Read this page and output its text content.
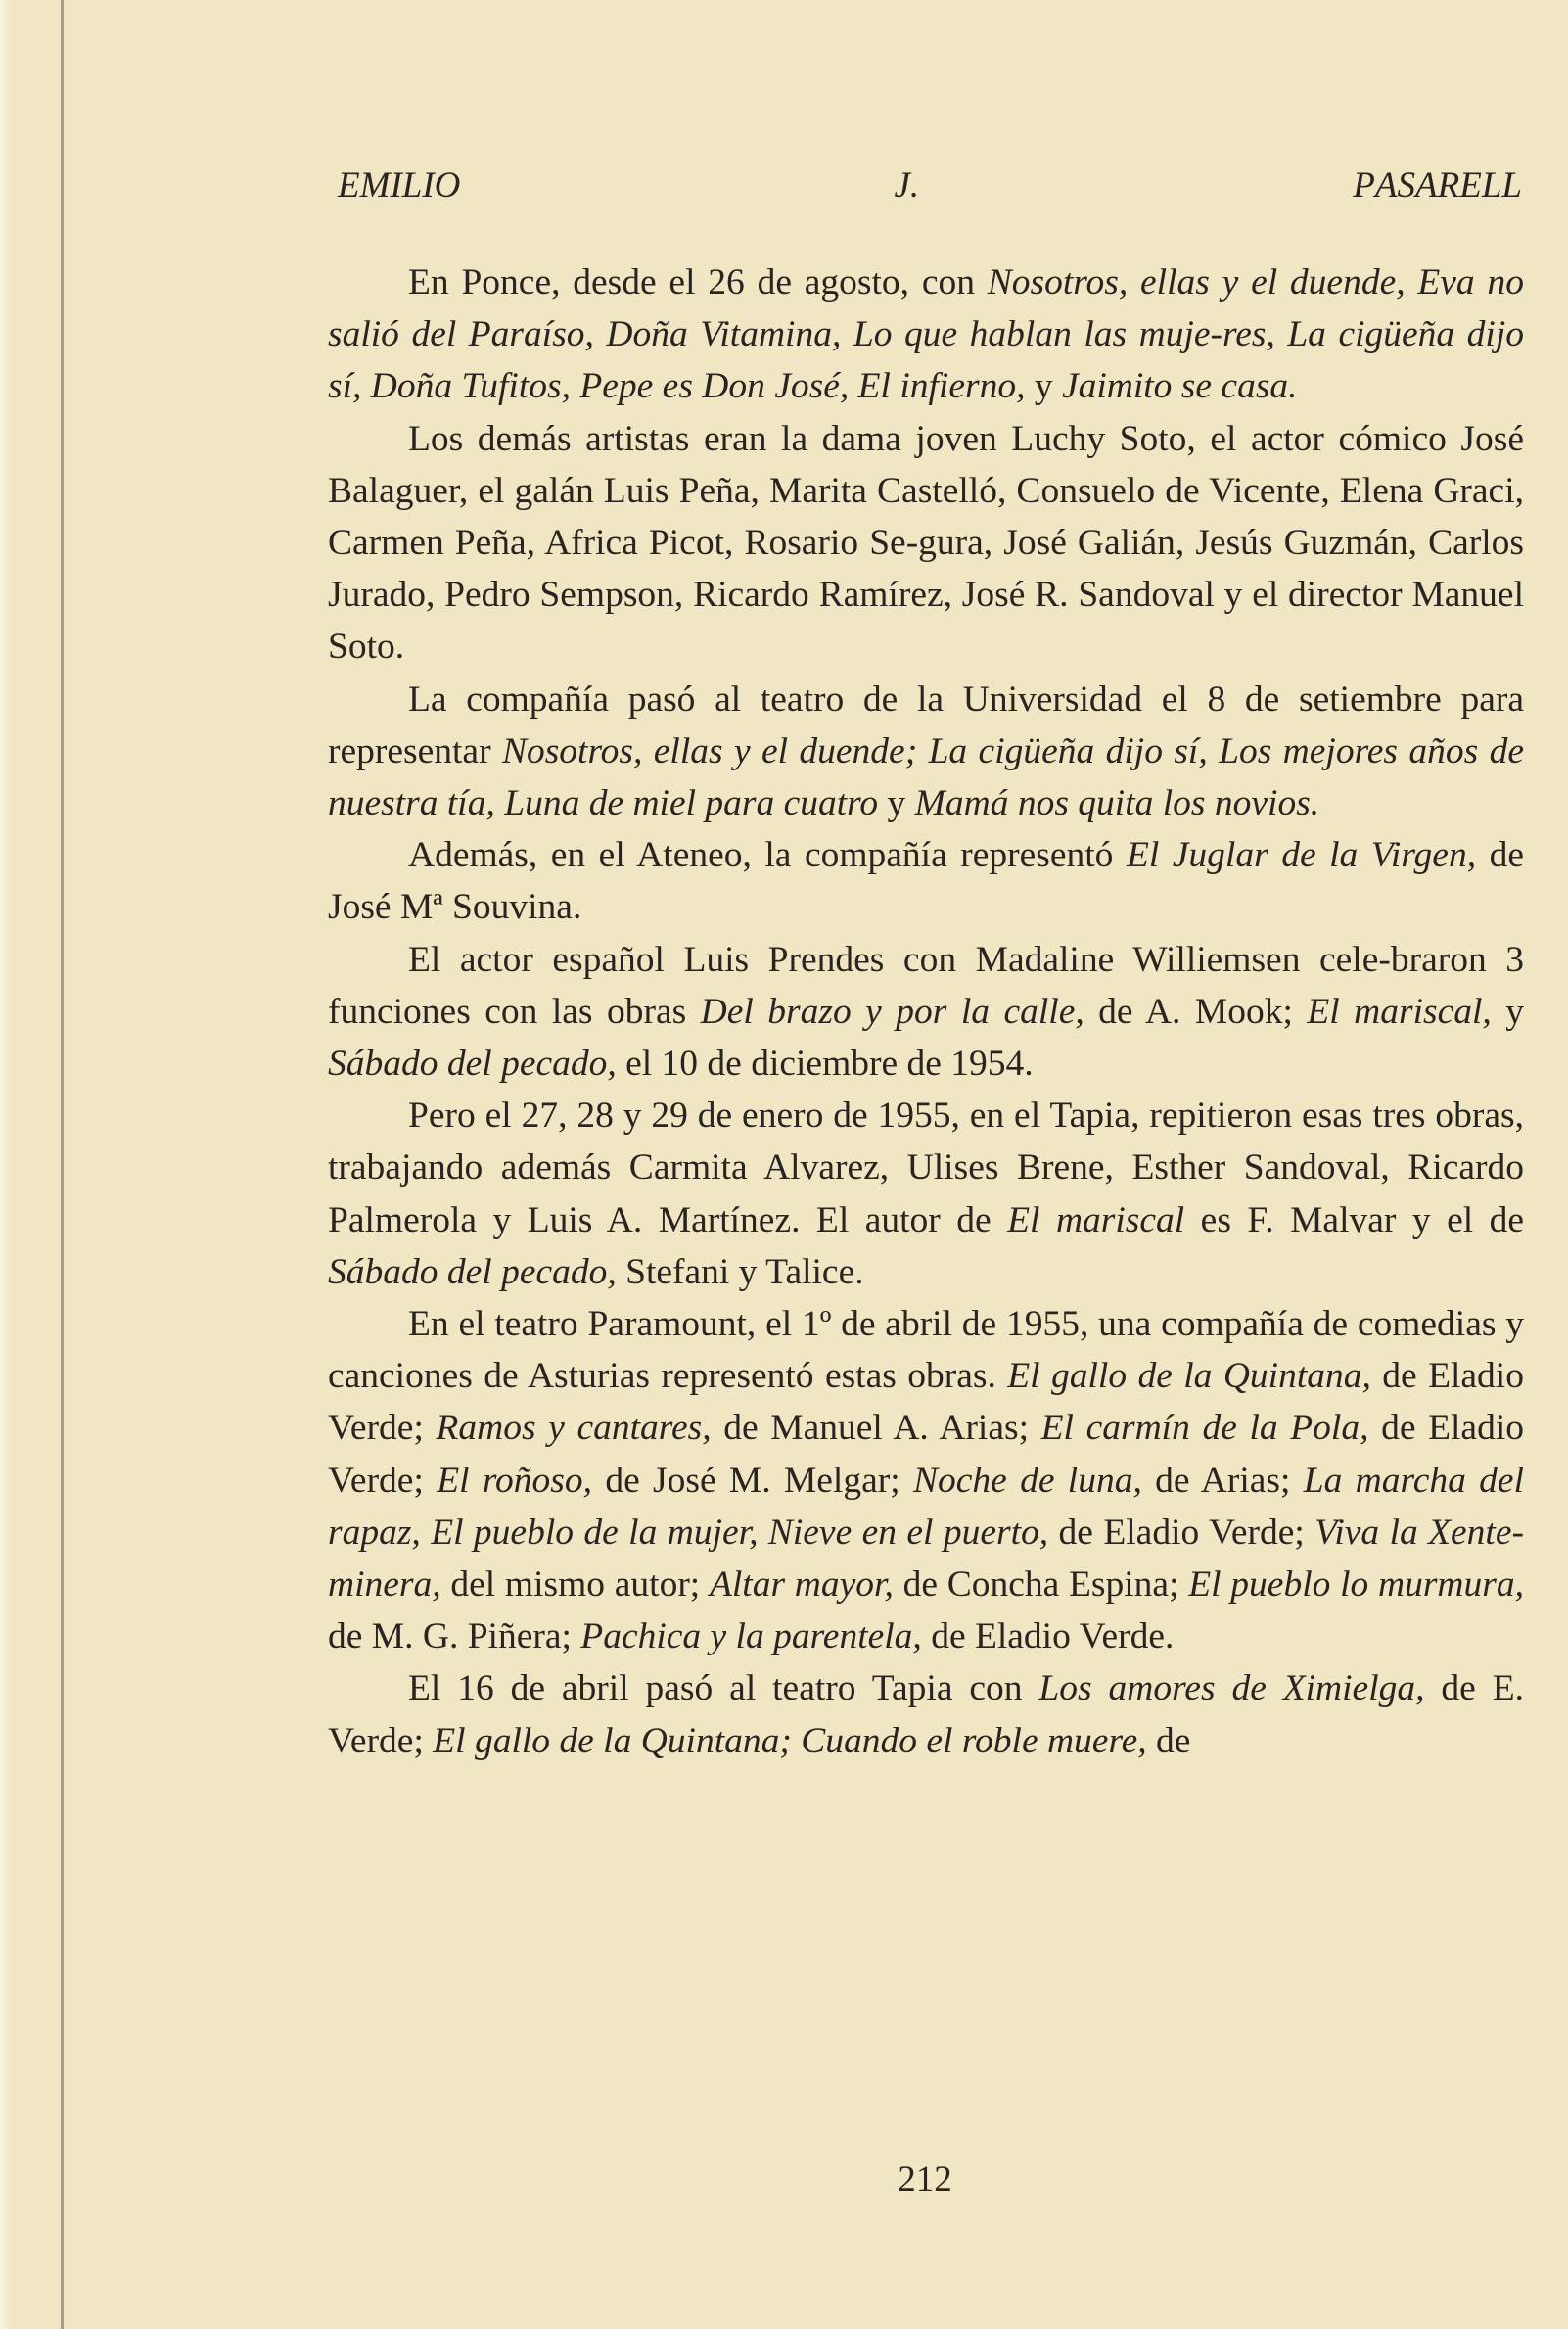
E M I L I O	J.	P A S A R E L L

En Ponce, desde el 26 de agosto, con Nosotros, ellas y el duende, Eva no salió del Paraíso, Doña Vitamina, Lo que hablan las muje-res, La cigüeña dijo sí, Doña Tufitos, Pepe es Don José, El infierno, y Jaimito se casa.

Los demás artistas eran la dama joven Luchy Soto, el actor cómico José Balaguer, el galán Luis Peña, Marita Castelló, Consuelo de Vicente, Elena Graci, Carmen Peña, Africa Picot, Rosario Se-gura, José Galián, Jesús Guzmán, Carlos Jurado, Pedro Sempson, Ricardo Ramírez, José R. Sandoval y el director Manuel Soto.

La compañía pasó al teatro de la Universidad el 8 de setiembre para representar Nosotros, ellas y el duende; La cigüeña dijo sí, Los mejores años de nuestra tía, Luna de miel para cuatro y Mamá nos quita los novios.

Además, en el Ateneo, la compañía representó El Juglar de la Virgen, de José Mª Souvina.

El actor español Luis Prendes con Madaline Williemsen cele-braron 3 funciones con las obras Del brazo y por la calle, de A. Mook; El mariscal, y Sábado del pecado, el 10 de diciembre de 1954.

Pero el 27, 28 y 29 de enero de 1955, en el Tapia, repitieron esas tres obras, trabajando además Carmita Alvarez, Ulises Brene, Esther Sandoval, Ricardo Palmerola y Luis A. Martínez. El autor de El mariscal es F. Malvar y el de Sábado del pecado, Stefani y Talice.

En el teatro Paramount, el 1º de abril de 1955, una compañía de comedias y canciones de Asturias representó estas obras. El gallo de la Quintana, de Eladio Verde; Ramos y cantares, de Manuel A. Arias; El carmín de la Pola, de Eladio Verde; El roñoso, de José M. Melgar; Noche de luna, de Arias; La marcha del rapaz, El pueblo de la mujer, Nieve en el puerto, de Eladio Verde; Viva la Xente-minera, del mismo autor; Altar mayor, de Concha Espina; El pueblo lo murmura, de M. G. Piñera; Pachica y la parentela, de Eladio Verde.

El 16 de abril pasó al teatro Tapia con Los amores de Ximielga, de E. Verde; El gallo de la Quintana; Cuando el roble muere, de

212
